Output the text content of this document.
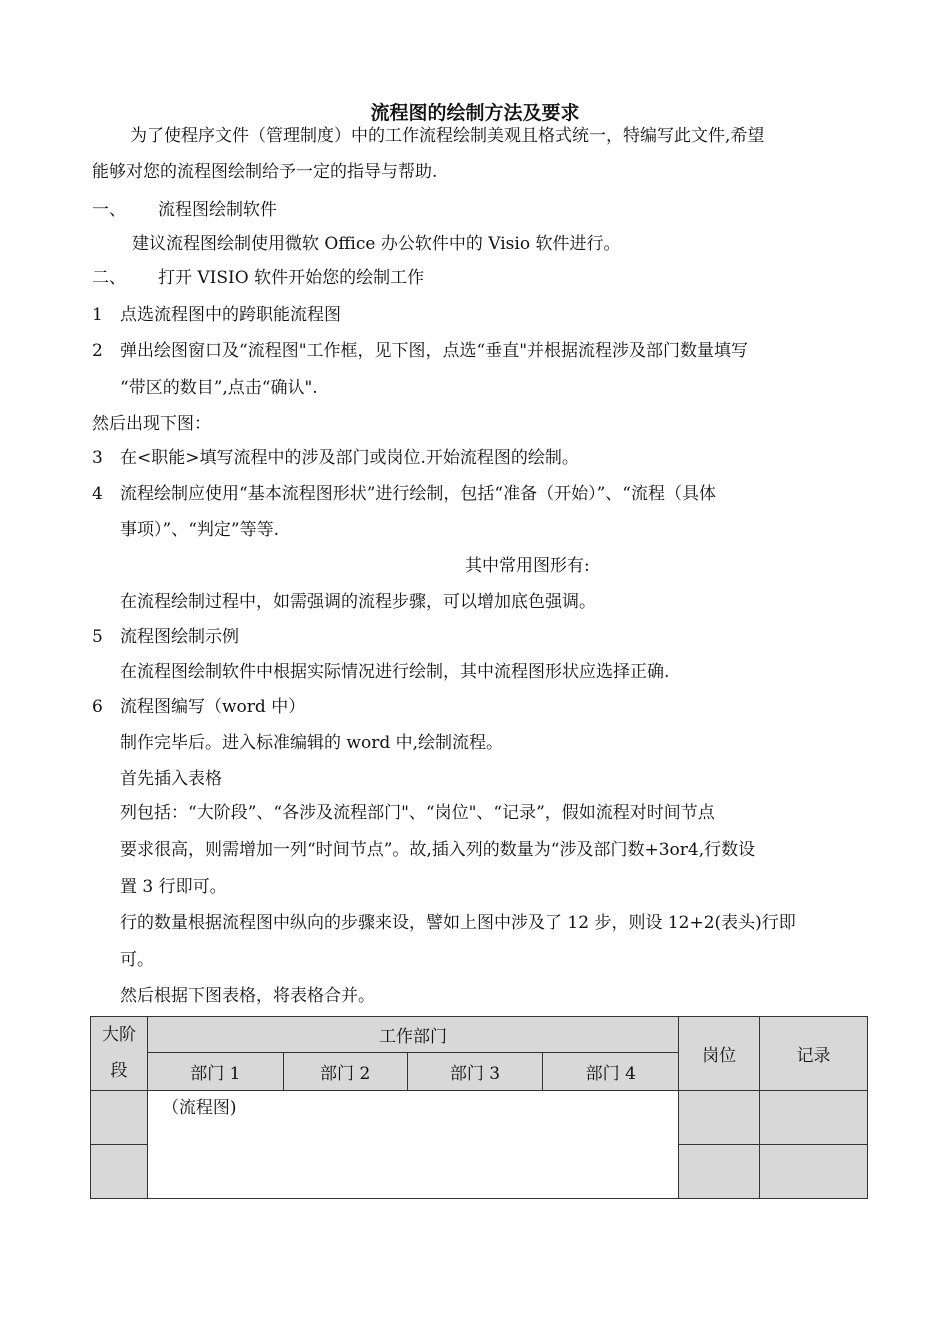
流程图的绘制方法及要求
为了使程序文件（管理制度）中的工作流程绘制美观且格式统一，特编写此文件,希望
能够对您的流程图绘制给予一定的指导与帮助.
一、 流程图绘制软件
建议流程图绘制使用微软 Office 办公软件中的 Visio 软件进行。
二、 打开 VISIO 软件开始您的绘制工作
1 点选流程图中的跨职能流程图
2 弹出绘图窗口及“流程图"工作框，见下图，点选“垂直"并根据流程涉及部门数量填写
“带区的数目”,点击“确认".
然后出现下图：
3 在<职能>填写流程中的涉及部门或岗位.开始流程图的绘制。
4 流程绘制应使用“基本流程图形状”进行绘制，包括“准备（开始）”、“流程（具体
事项）”、“判定”等等.
其中常用图形有:
在流程绘制过程中，如需强调的流程步骤，可以增加底色强调。
5 流程图绘制示例
在流程图绘制软件中根据实际情况进行绘制，其中流程图形状应选择正确.
6 流程图编写（word 中）
制作完毕后。进入标准编辑的 word 中,绘制流程。
首先插入表格
列包括：“大阶段”、“各涉及流程部门"、“岗位"、“记录”，假如流程对时间节点
要求很高，则需增加一列“时间节点”。故,插入列的数量为“涉及部门数+3or4,行数设
置 3 行即可。
行的数量根据流程图中纵向的步骤来设，譬如上图中涉及了 12 步，则设 12+2(表头)行即
可。
然后根据下图表格，将表格合并。
大阶
段	工作部门				岗位	记录
	部门 1	部门 2	部门 3	部门 4		
	（流程图)					
